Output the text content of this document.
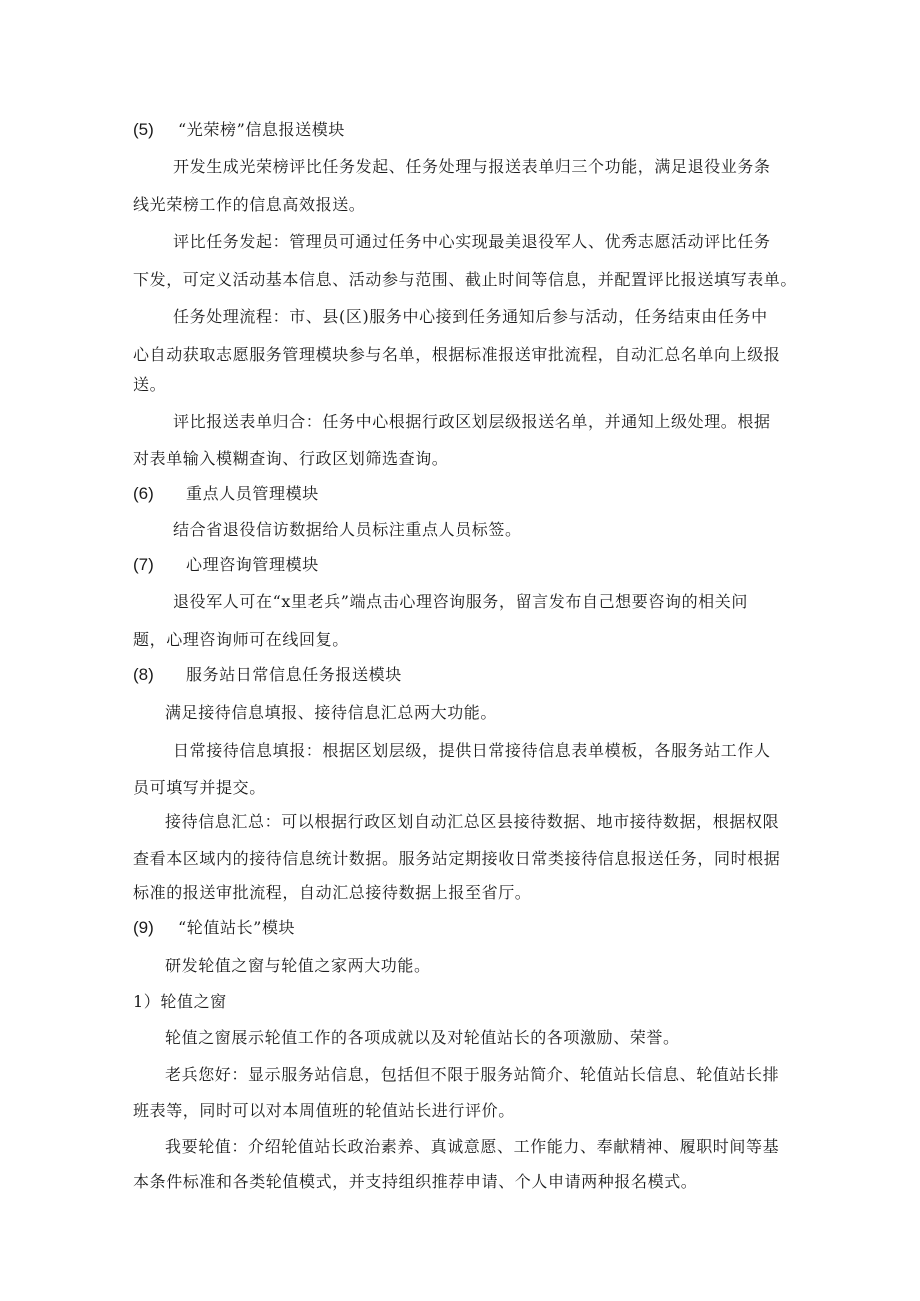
(5) “光荣榜”信息报送模块
开发生成光荣榜评比任务发起、任务处理与报送表单归三个功能，满足退役业务条
线光荣榜工作的信息高效报送。
评比任务发起：管理员可通过任务中心实现最美退役军人、优秀志愿活动评比任务
下发，可定义活动基本信息、活动参与范围、截止时间等信息，并配置评比报送填写表单。
任务处理流程：市、县(区)服务中心接到任务通知后参与活动，任务结束由任务中
心自动获取志愿服务管理模块参与名单，根据标准报送审批流程，自动汇总名单向上级报
送。
评比报送表单归合：任务中心根据行政区划层级报送名单，并通知上级处理。根据
对表单输入模糊查询、行政区划筛选查询。
(6) 重点人员管理模块
结合省退役信访数据给人员标注重点人员标签。
(7) 心理咨询管理模块
退役军人可在“x里老兵”端点击心理咨询服务，留言发布自己想要咨询的相关问
题，心理咨询师可在线回复。
(8) 服务站日常信息任务报送模块
满足接待信息填报、接待信息汇总两大功能。
日常接待信息填报：根据区划层级，提供日常接待信息表单模板，各服务站工作人
员可填写并提交。
接待信息汇总：可以根据行政区划自动汇总区县接待数据、地市接待数据，根据权限
查看本区域内的接待信息统计数据。服务站定期接收日常类接待信息报送任务，同时根据
标准的报送审批流程，自动汇总接待数据上报至省厅。
(9) “轮值站长”模块
研发轮值之窗与轮值之家两大功能。
1）轮值之窗
轮值之窗展示轮值工作的各项成就以及对轮值站长的各项激励、荣誉。
老兵您好：显示服务站信息，包括但不限于服务站简介、轮值站长信息、轮值站长排
班表等，同时可以对本周值班的轮值站长进行评价。
我要轮值：介绍轮值站长政治素养、真诚意愿、工作能力、奉献精神、履职时间等基
本条件标准和各类轮值模式，并支持组织推荐申请、个人申请两种报名模式。
